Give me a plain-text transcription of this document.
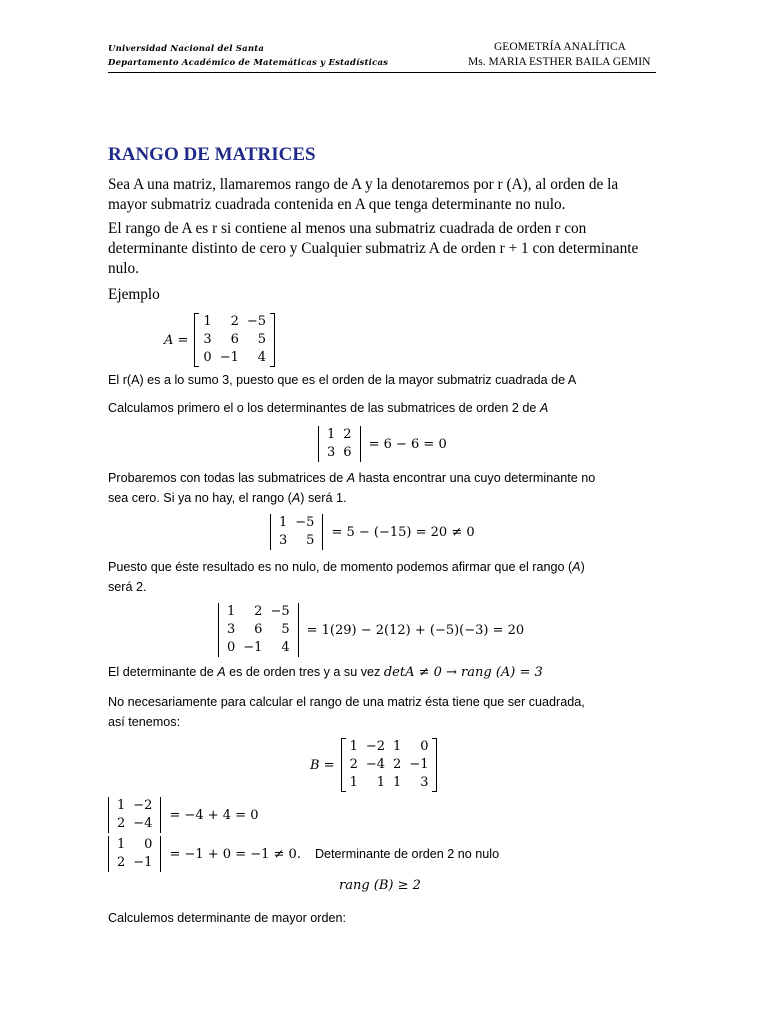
Universidad Nacional del Santa
Departamento Académico de Matemáticas y Estadísticas
GEOMETRÍA ANALÍTICA
Ms. MARIA ESTHER BAILA GEMIN
RANGO DE MATRICES
Sea A una matriz, llamaremos rango de A y la denotaremos por r (A), al orden de la
mayor submatriz cuadrada contenida en A que tenga determinante no nulo.
El rango de A es r si contiene al menos una submatriz cuadrada de orden r con
determinante distinto de cero y Cualquier submatriz A de orden r + 1 con determinante
nulo.
Ejemplo
A =
1	2	−5
3	6	5
0	−1	4
El r(A) es a lo sumo 3, puesto que es el orden de la mayor submatriz cuadrada de A
Calculamos primero el o los determinantes de las submatrices de orden 2 de A
1	2
3	6
= 6 − 6 = 0
Probaremos con todas las submatrices de A hasta encontrar una cuyo determinante no
sea cero. Si ya no hay, el rango (A) será 1.
1	−5
3	5
= 5 − (−15) = 20 ≠ 0
Puesto que éste resultado es no nulo, de momento podemos afirmar que el rango (A)
será 2.
1	2	−5
3	6	5
0	−1	4
= 1(29) − 2(12) + (−5)(−3) = 20
El determinante de A es de orden tres y a su vez detA ≠ 0 → rang (A) = 3
No necesariamente para calcular el rango de una matriz ésta tiene que ser cuadrada,
así tenemos:
B =
1	−2	1	0
2	−4	2	−1
1	1	1	3
1	−2
2	−4
= −4 + 4 = 0
1	0
2	−1
= −1 + 0 = −1 ≠ 0. Determinante de orden 2 no nulo
rang (B) ≥ 2
Calculemos determinante de mayor orden:
